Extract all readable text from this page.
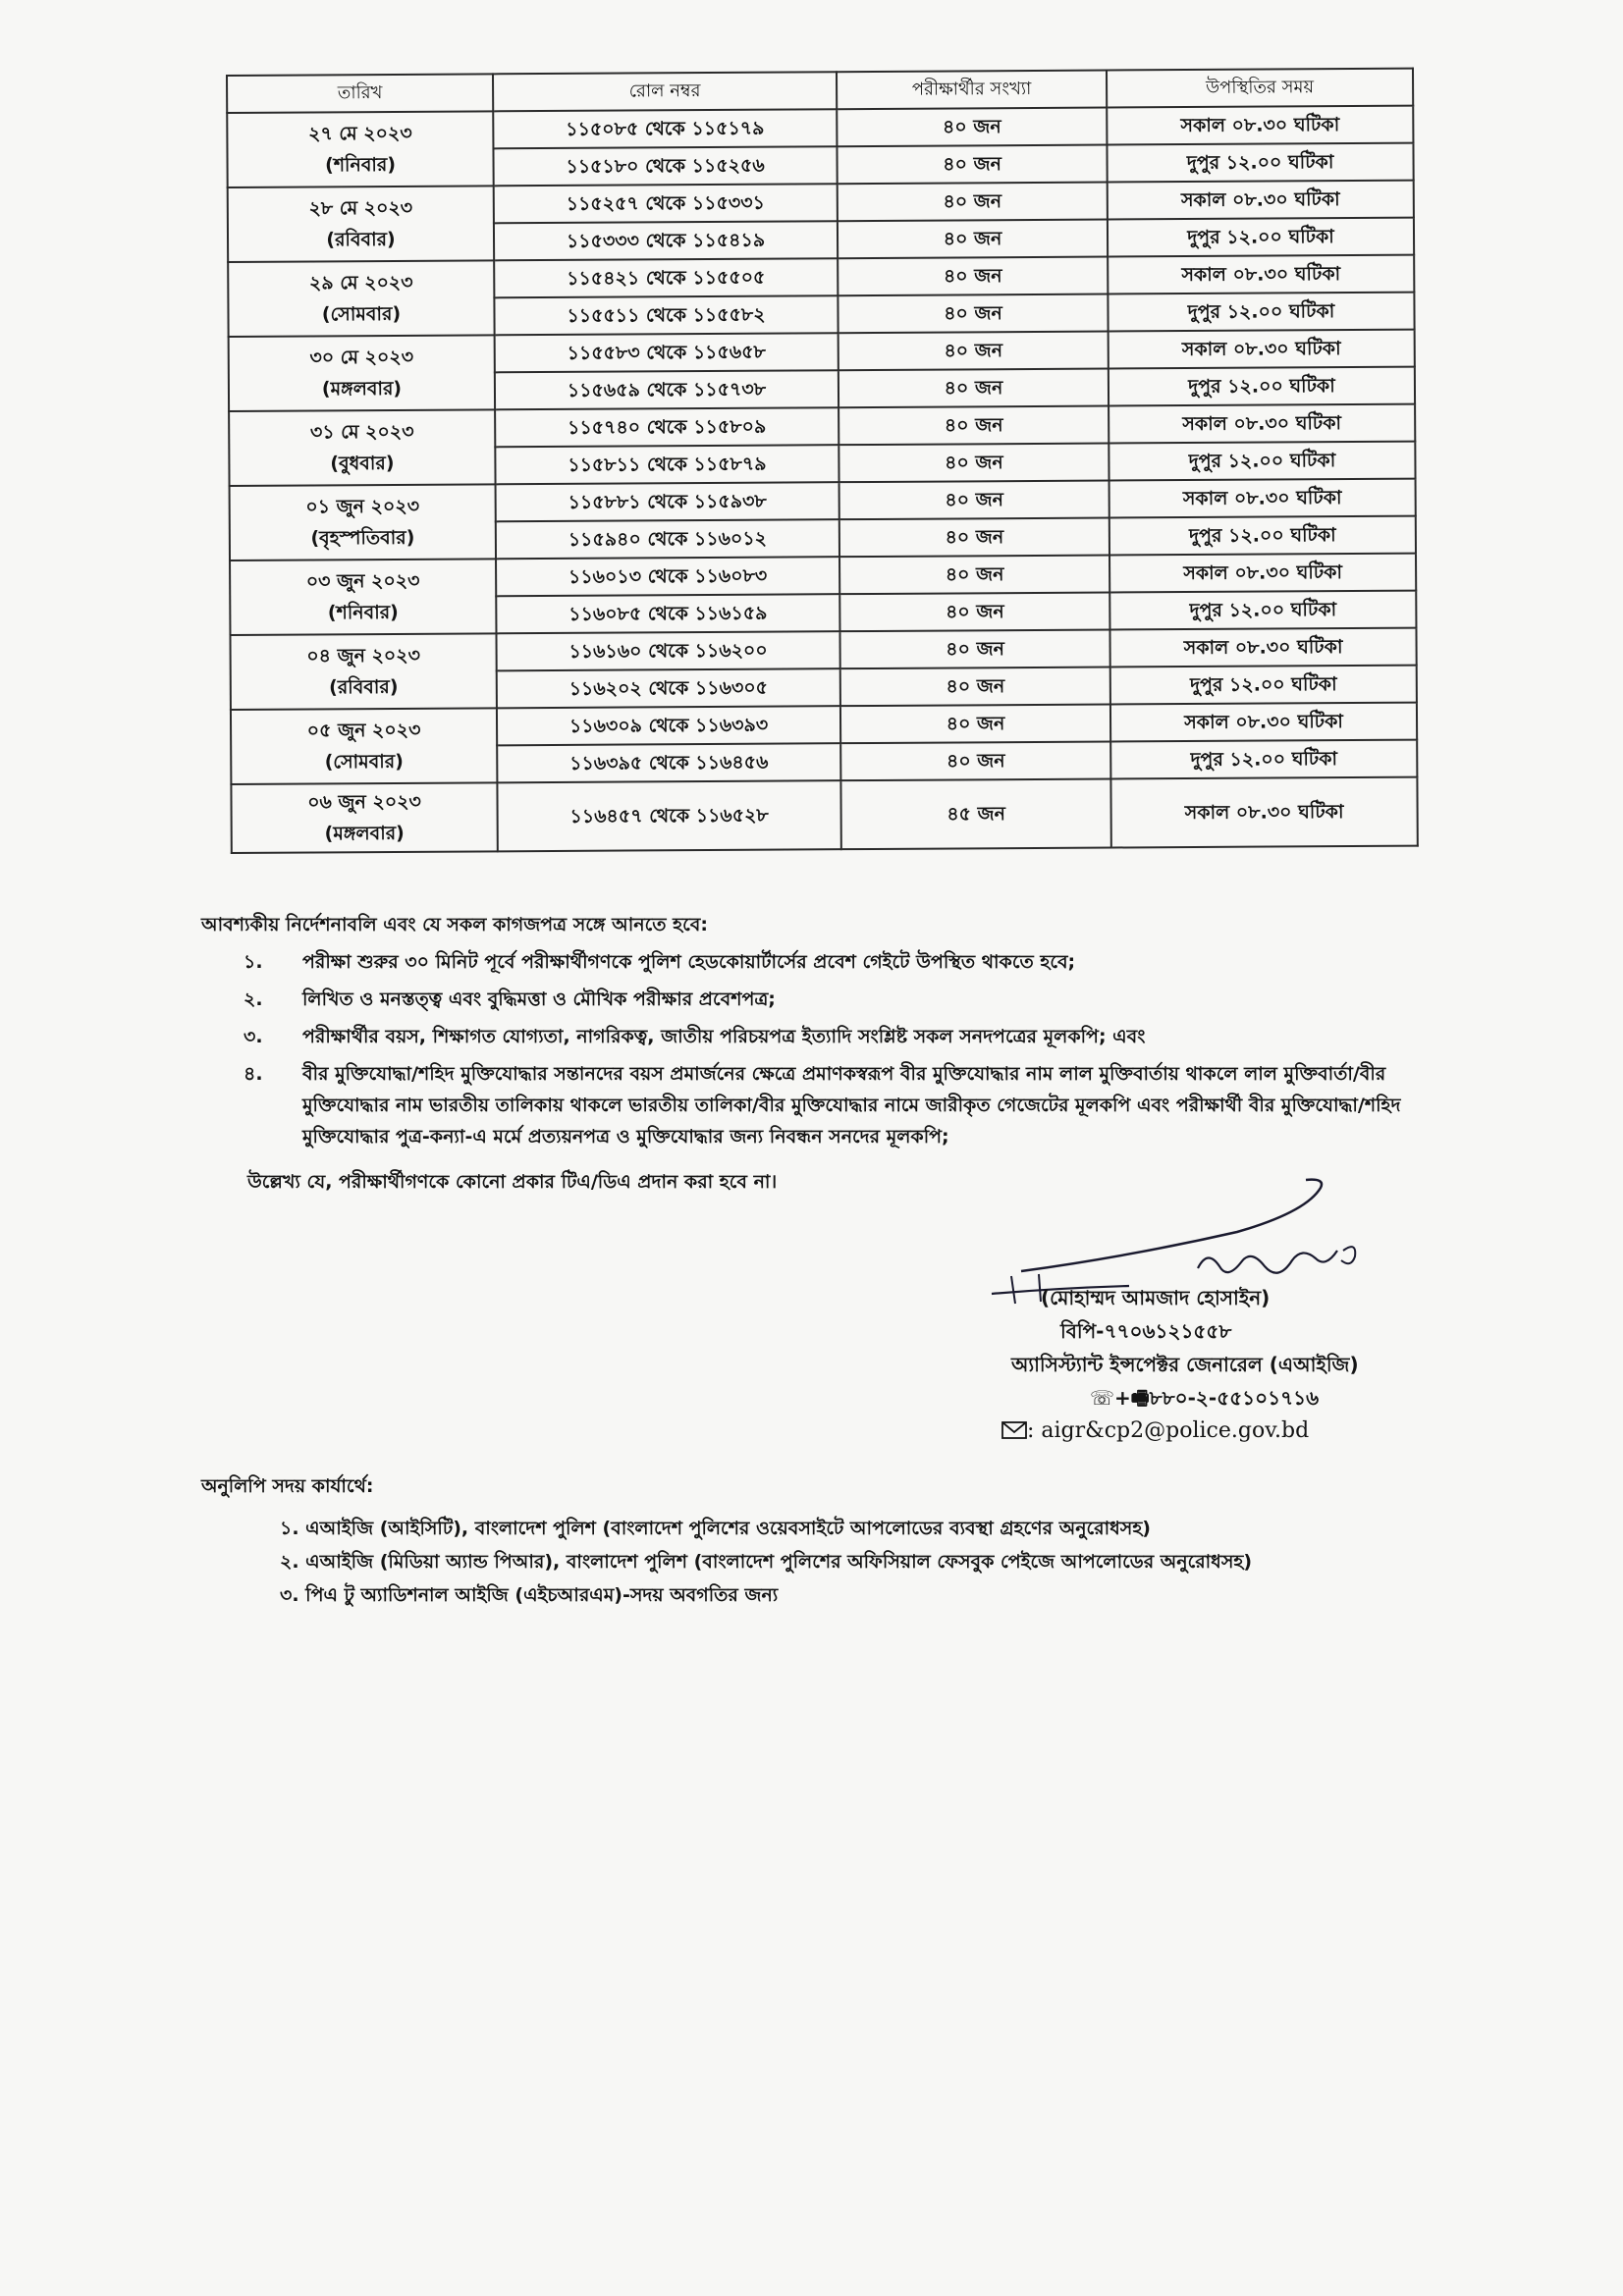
তারিখ	রোল নম্বর	পরীক্ষার্থীর সংখ্যা	উপস্থিতির সময়

২৭ মে ২০২৩
(শনিবার)	১১৫০৮৫ থেকে ১১৫১৭৯	৪০ জন	সকাল ০৮.৩০ ঘটিকা
	১১৫১৮০ থেকে ১১৫২৫৬	৪০ জন	দুপুর ১২.০০ ঘটিকা

২৮ মে ২০২৩
(রবিবার)	১১৫২৫৭ থেকে ১১৫৩৩১	৪০ জন	সকাল ০৮.৩০ ঘটিকা
	১১৫৩৩৩ থেকে ১১৫৪১৯	৪০ জন	দুপুর ১২.০০ ঘটিকা

২৯ মে ২০২৩
(সোমবার)	১১৫৪২১ থেকে ১১৫৫০৫	৪০ জন	সকাল ০৮.৩০ ঘটিকা
	১১৫৫১১ থেকে ১১৫৫৮২	৪০ জন	দুপুর ১২.০০ ঘটিকা

৩০ মে ২০২৩
(মঙ্গলবার)	১১৫৫৮৩ থেকে ১১৫৬৫৮	৪০ জন	সকাল ০৮.৩০ ঘটিকা
	১১৫৬৫৯ থেকে ১১৫৭৩৮	৪০ জন	দুপুর ১২.০০ ঘটিকা

৩১ মে ২০২৩
(বুধবার)	১১৫৭৪০ থেকে ১১৫৮০৯	৪০ জন	সকাল ০৮.৩০ ঘটিকা
	১১৫৮১১ থেকে ১১৫৮৭৯	৪০ জন	দুপুর ১২.০০ ঘটিকা

০১ জুন ২০২৩
(বৃহস্পতিবার)	১১৫৮৮১ থেকে ১১৫৯৩৮	৪০ জন	সকাল ০৮.৩০ ঘটিকা
	১১৫৯৪০ থেকে ১১৬০১২	৪০ জন	দুপুর ১২.০০ ঘটিকা

০৩ জুন ২০২৩
(শনিবার)	১১৬০১৩ থেকে ১১৬০৮৩	৪০ জন	সকাল ০৮.৩০ ঘটিকা
	১১৬০৮৫ থেকে ১১৬১৫৯	৪০ জন	দুপুর ১২.০০ ঘটিকা

০৪ জুন ২০২৩
(রবিবার)	১১৬১৬০ থেকে ১১৬২০০	৪০ জন	সকাল ০৮.৩০ ঘটিকা
	১১৬২০২ থেকে ১১৬৩০৫	৪০ জন	দুপুর ১২.০০ ঘটিকা

০৫ জুন ২০২৩
(সোমবার)	১১৬৩০৯ থেকে ১১৬৩৯৩	৪০ জন	সকাল ০৮.৩০ ঘটিকা
	১১৬৩৯৫ থেকে ১১৬৪৫৬	৪০ জন	দুপুর ১২.০০ ঘটিকা

০৬ জুন ২০২৩
(মঙ্গলবার)	১১৬৪৫৭ থেকে ১১৬৫২৮	৪৫ জন	সকাল ০৮.৩০ ঘটিকা
আবশ্যকীয় নির্দেশনাবলি এবং যে সকল কাগজপত্র সঙ্গে আনতে হবে:
১.	পরীক্ষা শুরুর ৩০ মিনিট পূর্বে পরীক্ষার্থীগণকে পুলিশ হেডকোয়ার্টার্সের প্রবেশ গেইটে উপস্থিত থাকতে হবে;
২.	লিখিত ও মনস্তত্ত্ব এবং বুদ্ধিমত্তা ও মৌখিক পরীক্ষার প্রবেশপত্র;
৩.	পরীক্ষার্থীর বয়স, শিক্ষাগত যোগ্যতা, নাগরিকত্ব, জাতীয় পরিচয়পত্র ইত্যাদি সংশ্লিষ্ট সকল সনদপত্রের মূলকপি; এবং
৪.	বীর মুক্তিযোদ্ধা/শহিদ মুক্তিযোদ্ধার সন্তানদের বয়স প্রমার্জনের ক্ষেত্রে প্রমাণকস্বরূপ বীর মুক্তিযোদ্ধার নাম লাল মুক্তিবার্তায় থাকলে লাল মুক্তিবার্তা/বীর মুক্তিযোদ্ধার নাম ভারতীয় তালিকায় থাকলে ভারতীয় তালিকা/বীর মুক্তিযোদ্ধার নামে জারীকৃত গেজেটের মূলকপি এবং পরীক্ষার্থী বীর মুক্তিযোদ্ধা/শহিদ মুক্তিযোদ্ধার পুত্র-কন্যা-এ মর্মে প্রত্যয়নপত্র ও মুক্তিযোদ্ধার জন্য নিবন্ধন সনদের মূলকপি;
উল্লেখ্য যে, পরীক্ষার্থীগণকে কোনো প্রকার টিএ/ডিএ প্রদান করা হবে না।
(মোহাম্মদ আমজাদ হোসাইন)
বিপি-৭৭০৬১২১৫৫৮
অ্যাসিস্ট্যান্ট ইন্সপেক্টর জেনারেল (এআইজি)
☏+🖷৮৮০-২-৫৫১০১৭১৬
: aigr&cp2@police.gov.bd
অনুলিপি সদয় কার্যার্থে:
১. এআইজি (আইসিটি), বাংলাদেশ পুলিশ (বাংলাদেশ পুলিশের ওয়েবসাইটে আপলোডের ব্যবস্থা গ্রহণের অনুরোধসহ)
২. এআইজি (মিডিয়া অ্যান্ড পিআর), বাংলাদেশ পুলিশ (বাংলাদেশ পুলিশের অফিসিয়াল ফেসবুক পেইজে আপলোডের অনুরোধসহ)
৩. পিএ টু অ্যাডিশনাল আইজি (এইচআরএম)-সদয় অবগতির জন্য
